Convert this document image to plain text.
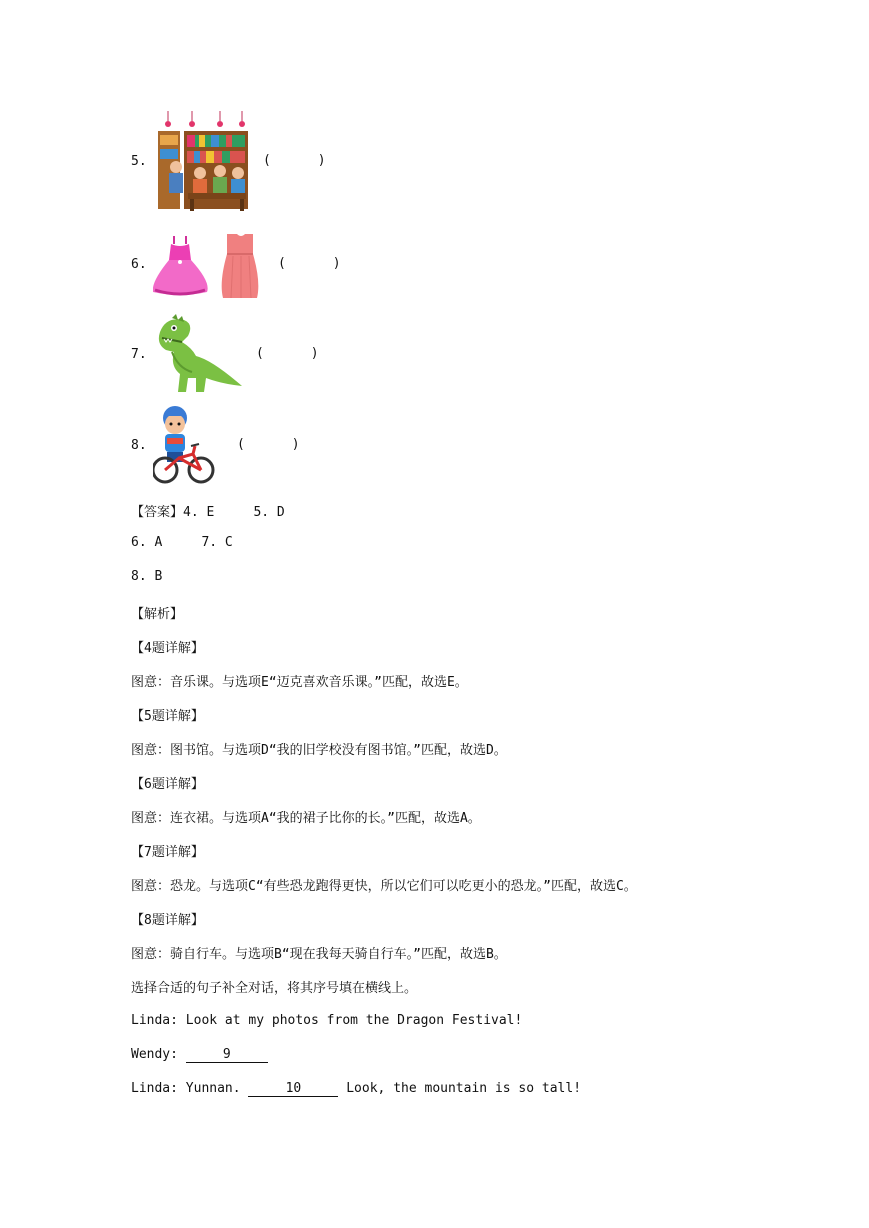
5.	(      )
6.	(      )
7.	(      )
8.	(      )
【答案】4. E     5. D
6. A     7. C
8. B
【解析】
【4题详解】
图意：音乐课。与选项E“迈克喜欢音乐课。”匹配，故选E。
【5题详解】
图意：图书馆。与选项D“我的旧学校没有图书馆。”匹配，故选D。
【6题详解】
图意：连衣裙。与选项A“我的裙子比你的长。”匹配，故选A。
【7题详解】
图意：恐龙。与选项C“有些恐龙跑得更快，所以它们可以吃更小的恐龙。”匹配，故选C。
【8题详解】
图意：骑自行车。与选项B“现在我每天骑自行车。”匹配，故选B。
选择合适的句子补全对话，将其序号填在横线上。
Linda: Look at my photos from the Dragon Festival!
Wendy:	9
Linda: Yunnan.	10	Look, the mountain is so tall!
